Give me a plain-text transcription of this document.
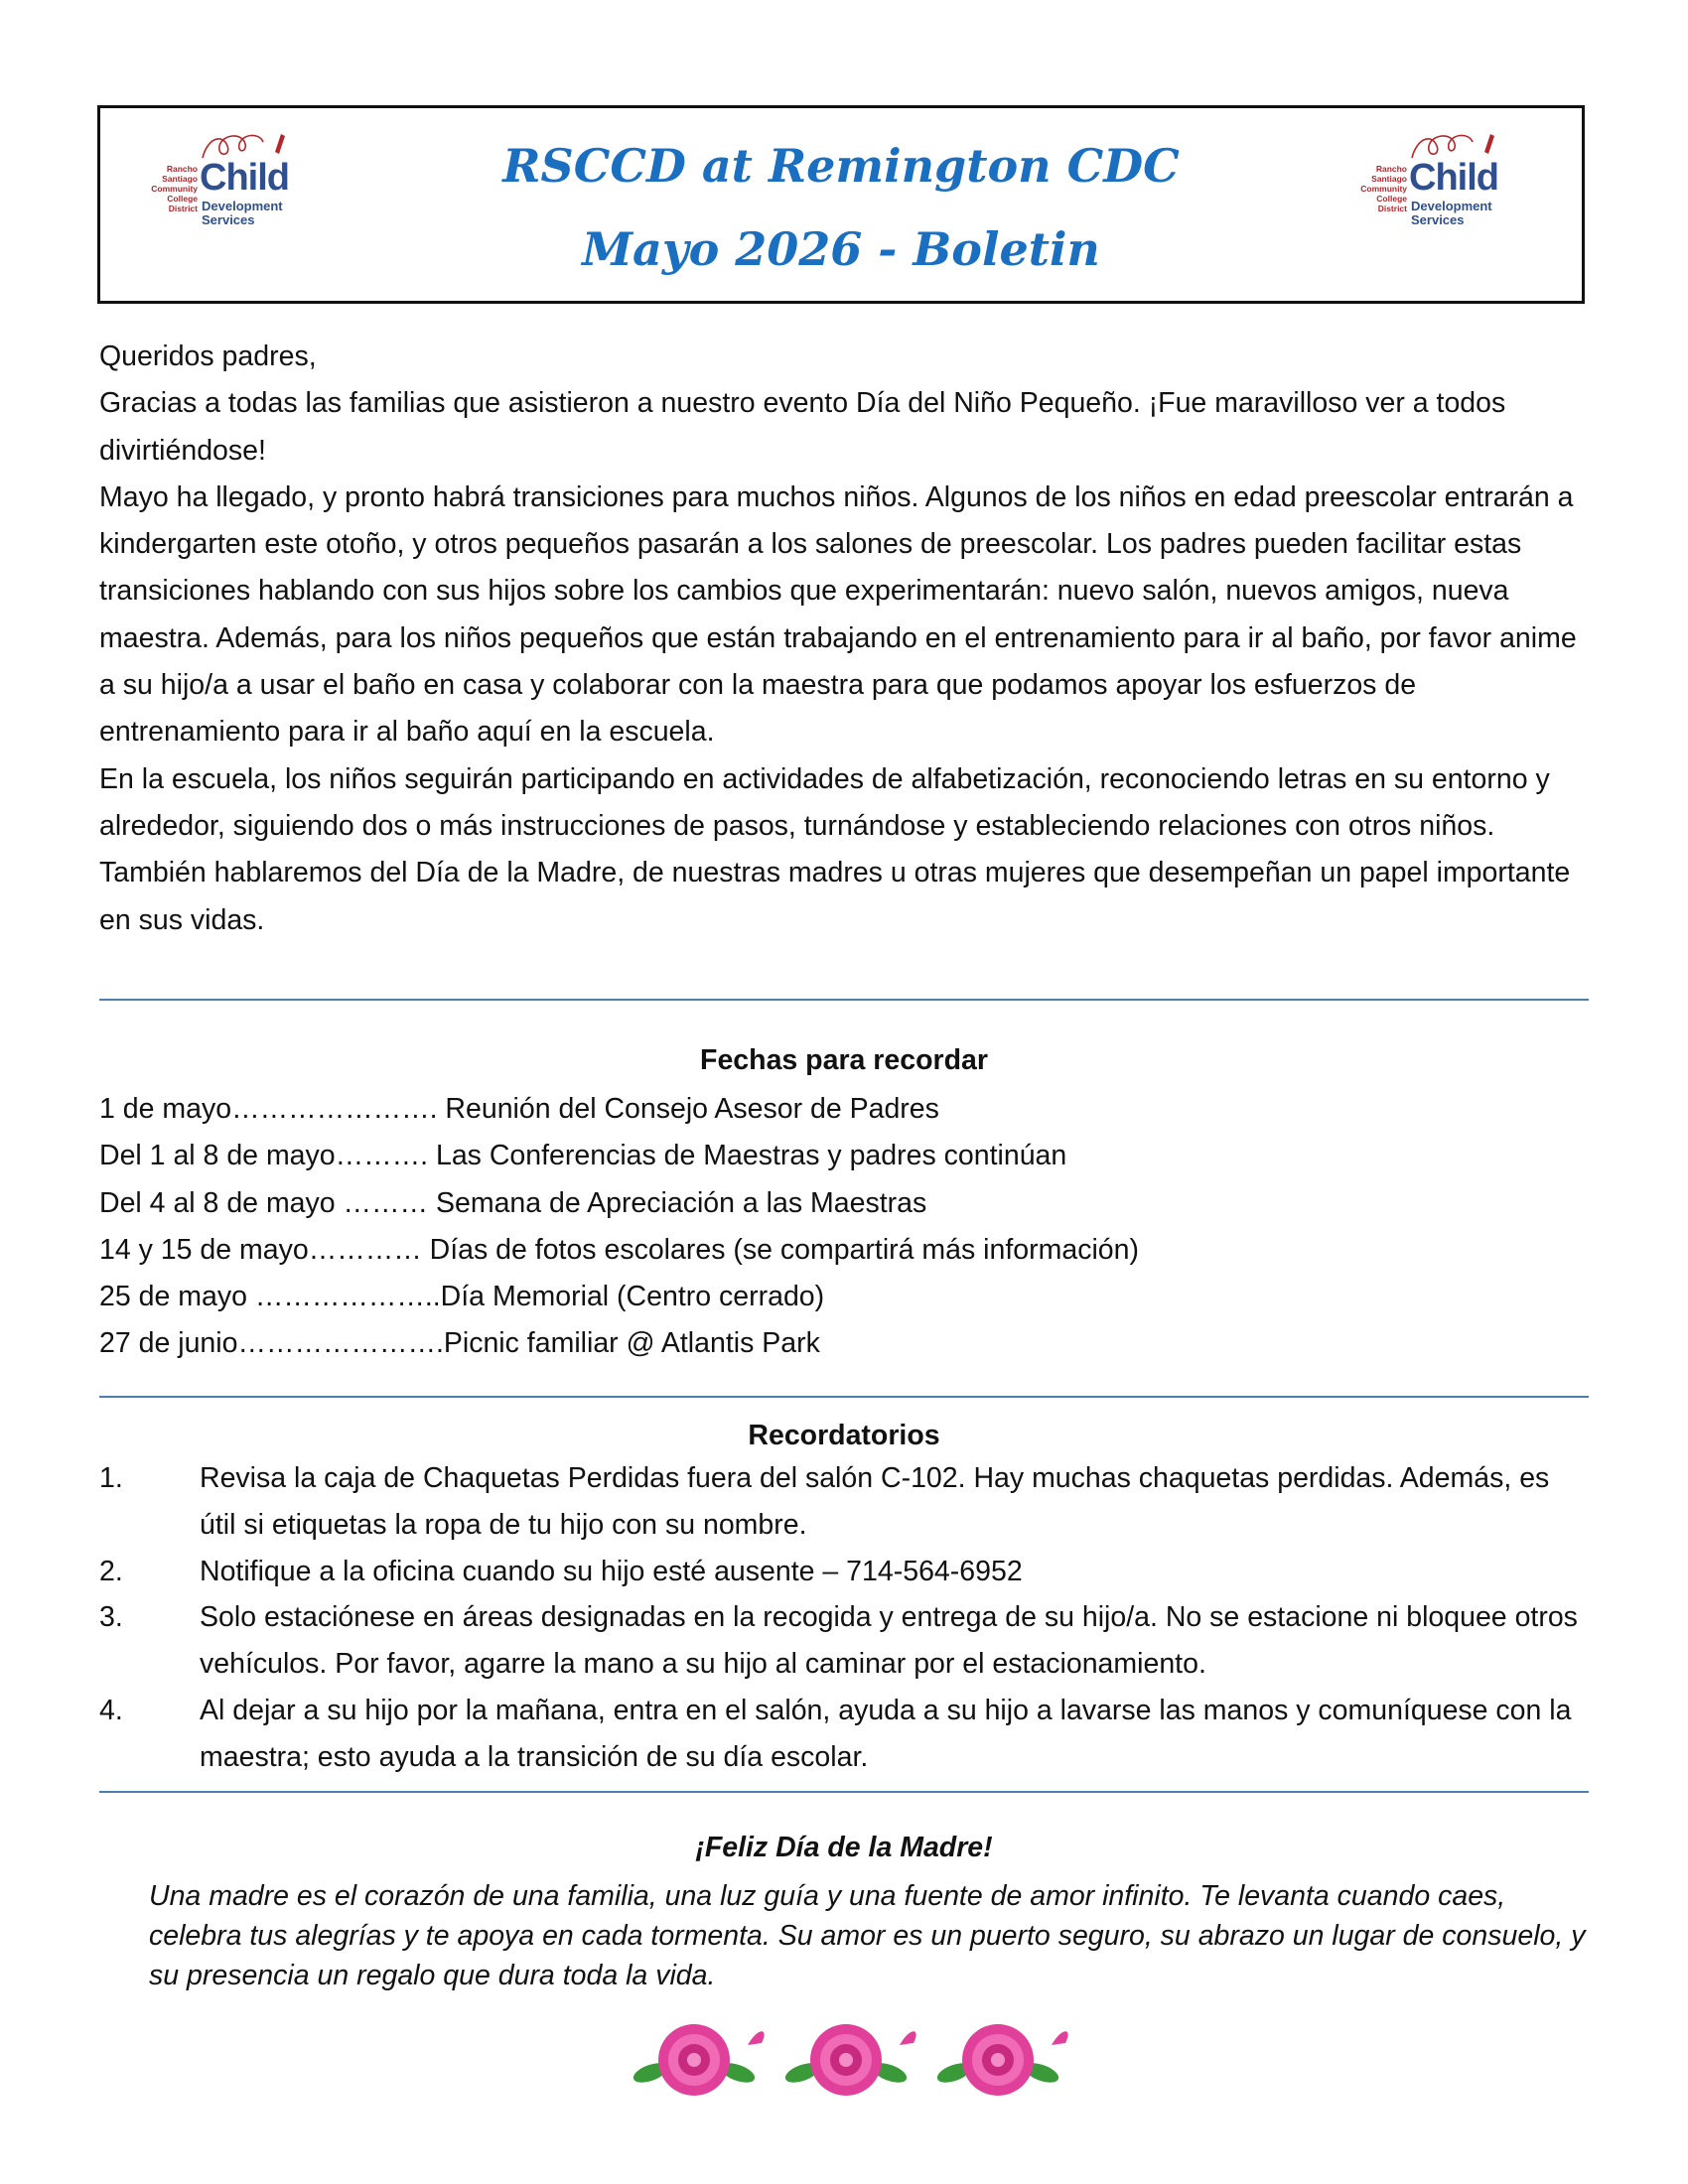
Rancho
Santiago
Community
College
District
Child
Development
Services
RSCCD at Remington CDC
Mayo 2026 - Boletin
Rancho
Santiago
Community
College
District
Child
Development
Services

Queridos padres,

Gracias a todas las familias que asistieron a nuestro evento Día del Niño Pequeño. ¡Fue maravilloso ver a todos divirtiéndose!

Mayo ha llegado, y pronto habrá transiciones para muchos niños. Algunos de los niños en edad preescolar entrarán a kindergarten este otoño, y otros pequeños pasarán a los salones de preescolar. Los padres pueden facilitar estas transiciones hablando con sus hijos sobre los cambios que experimentarán: nuevo salón, nuevos amigos, nueva maestra. Además, para los niños pequeños que están trabajando en el entrenamiento para ir al baño, por favor anime a su hijo/a a usar el baño en casa y colaborar con la maestra para que podamos apoyar los esfuerzos de entrenamiento para ir al baño aquí en la escuela.

En la escuela, los niños seguirán participando en actividades de alfabetización, reconociendo letras en su entorno y alrededor, siguiendo dos o más instrucciones de pasos, turnándose y estableciendo relaciones con otros niños. También hablaremos del Día de la Madre, de nuestras madres u otras mujeres que desempeñan un papel importante en sus vidas.

Fechas para recordar
1 de mayo…………………. Reunión del Consejo Asesor de Padres
Del 1 al 8 de mayo………. Las Conferencias de Maestras y padres continúan
Del 4 al 8 de mayo ……… Semana de Apreciación a las Maestras
14 y 15 de mayo………… Días de fotos escolares (se compartirá más información)
25 de mayo ………………..Día Memorial (Centro cerrado)
27 de junio………………….Picnic familiar @ Atlantis Park
Recordatorios
1.	Revisa la caja de Chaquetas Perdidas fuera del salón C-102. Hay muchas chaquetas perdidas. Además, es útil si etiquetas la ropa de tu hijo con su nombre.
2.	Notifique a la oficina cuando su hijo esté ausente – 714-564-6952
3.	Solo estaciónese en áreas designadas en la recogida y entrega de su hijo/a. No se estacione ni bloquee otros vehículos. Por favor, agarre la mano a su hijo al caminar por el estacionamiento.
4.	Al dejar a su hijo por la mañana, entra en el salón, ayuda a su hijo a lavarse las manos y comuníquese con la maestra; esto ayuda a la transición de su día escolar.
¡Feliz Día de la Madre!
Una madre es el corazón de una familia, una luz guía y una fuente de amor infinito. Te levanta cuando caes, celebra tus alegrías y te apoya en cada tormenta. Su amor es un puerto seguro, su abrazo un lugar de consuelo, y su presencia un regalo que dura toda la vida.
